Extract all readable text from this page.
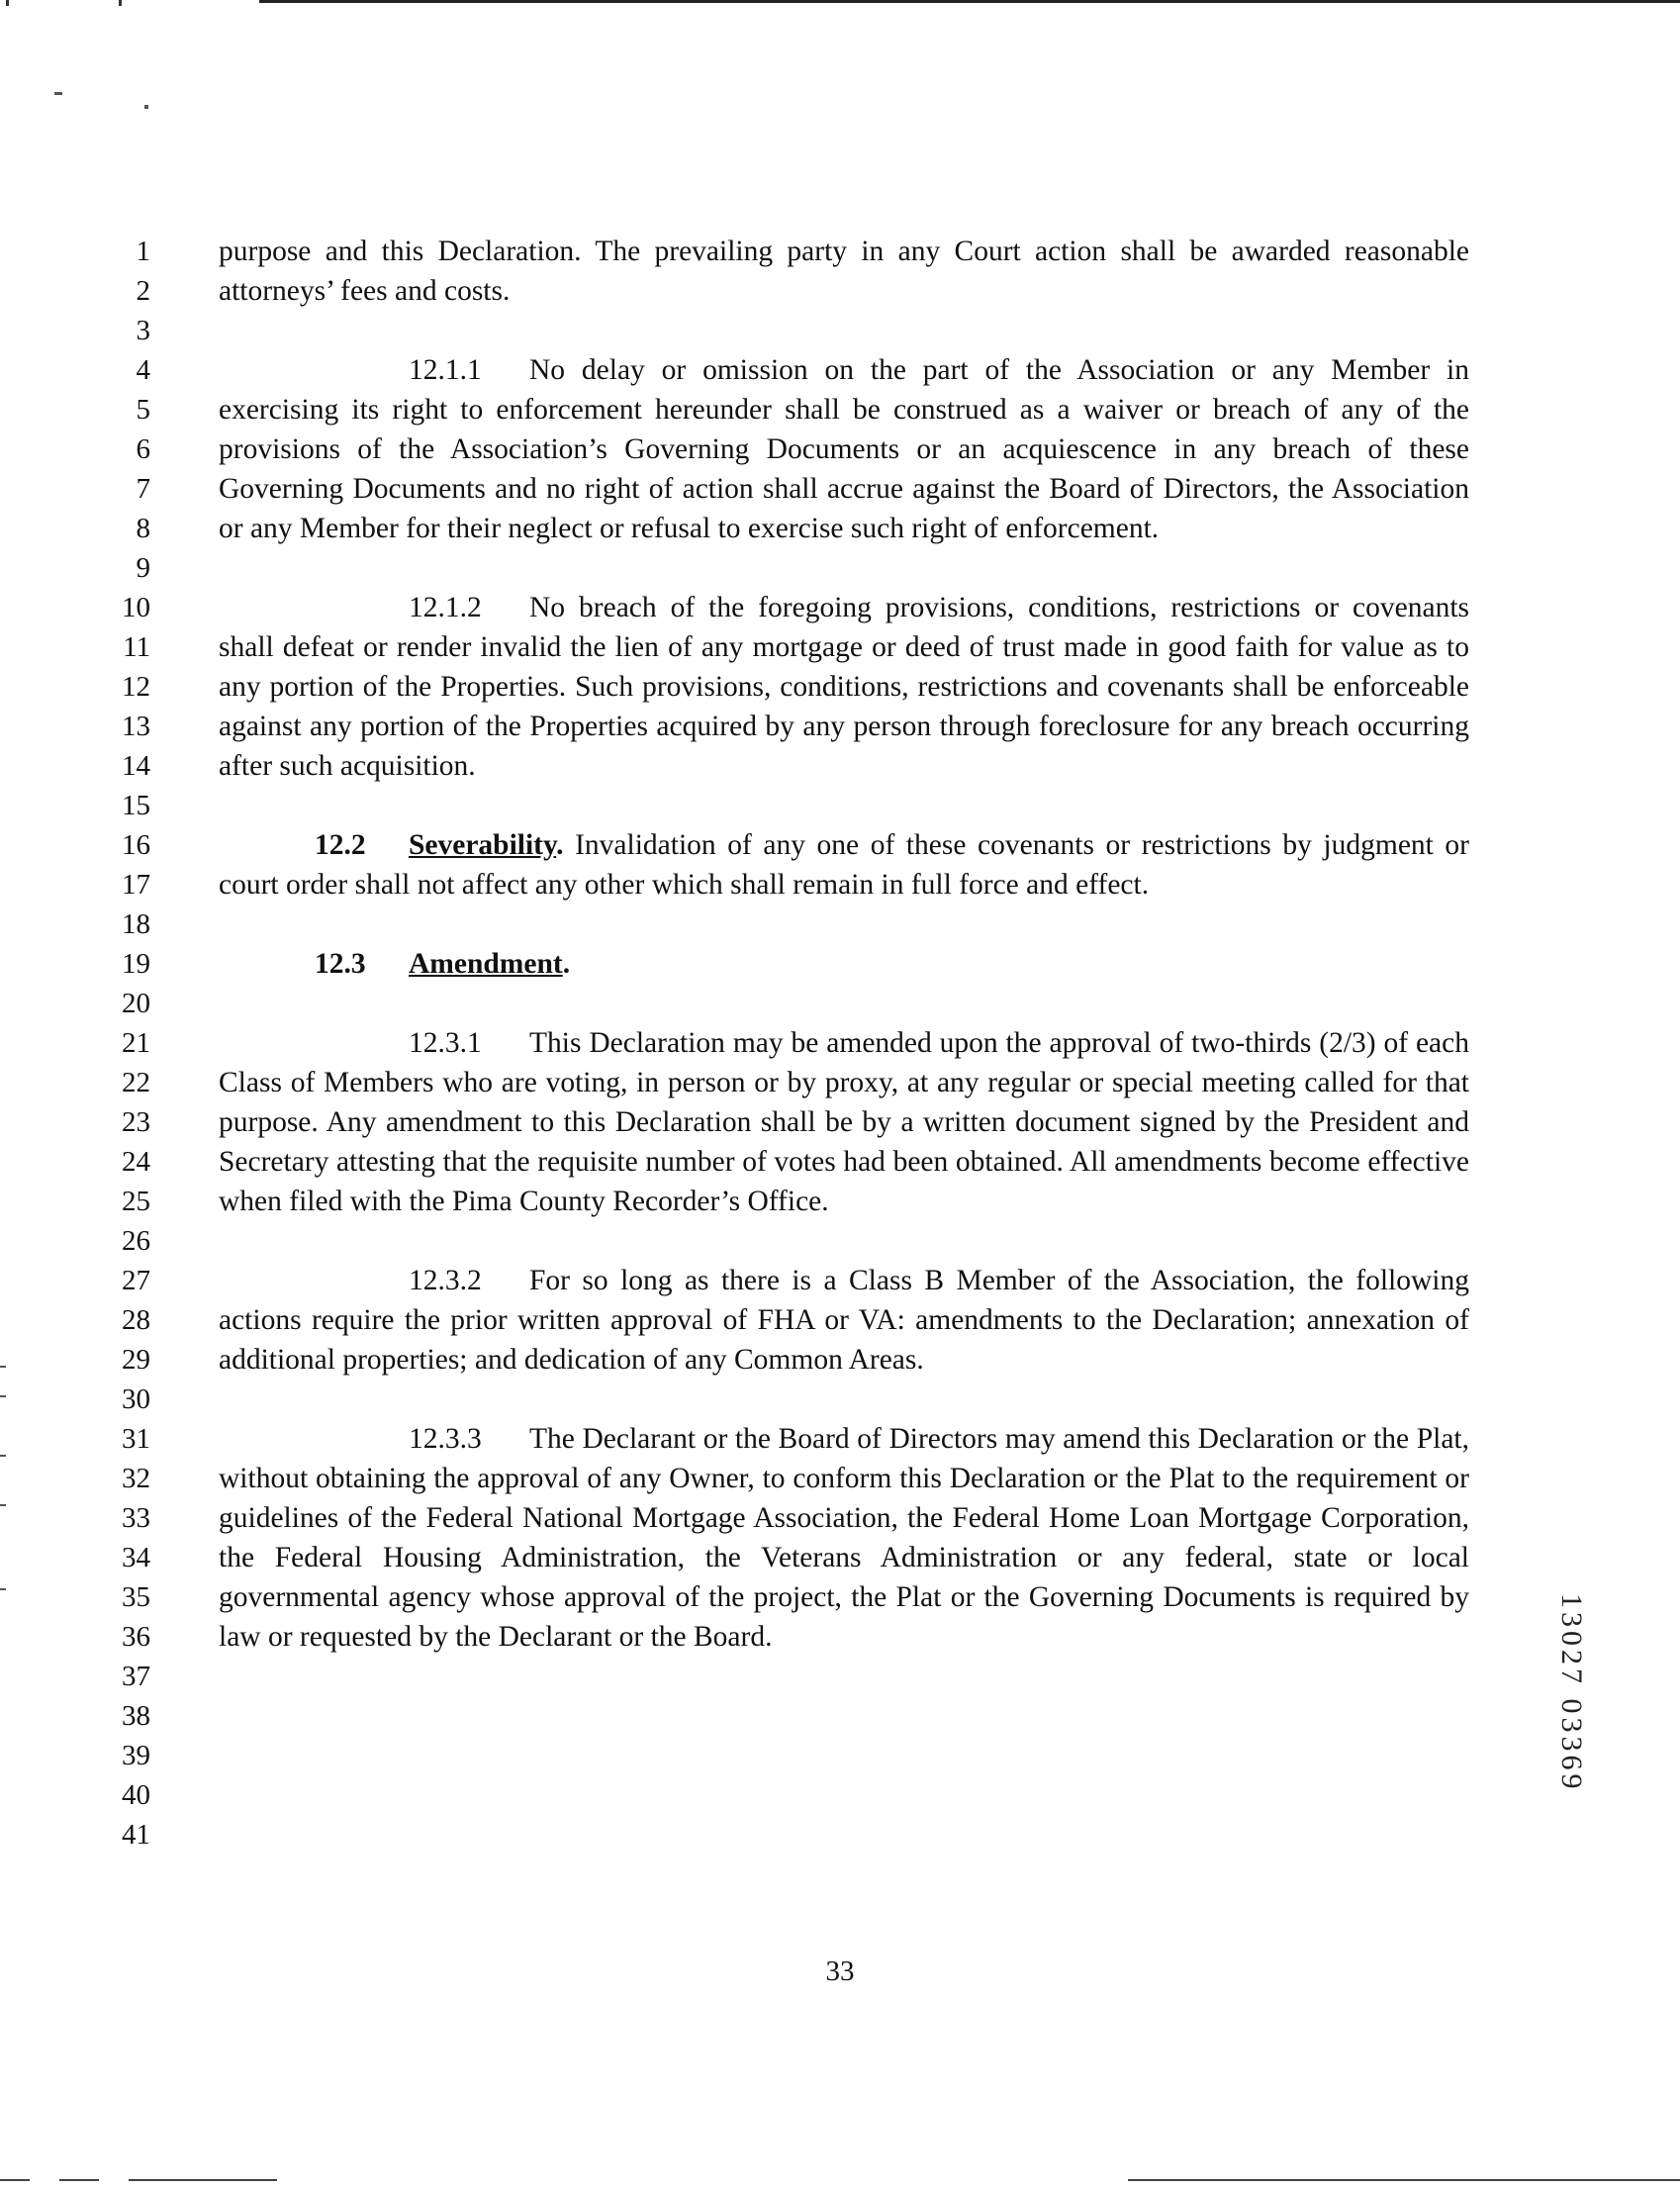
1
2
3
4
5
6
7
8
9
10
11
12
13
14
15
16
17
18
19
20
21
22
23
24
25
26
27
28
29
30
31
32
33
34
35
36
37
38
39
40
41

purpose and this Declaration. The prevailing party in any Court action shall be awarded reasonable attorneys’ fees and costs.

12.1.1 No delay or omission on the part of the Association or any Member in exercising its right to enforcement hereunder shall be construed as a waiver or breach of any of the provisions of the Association’s Governing Documents or an acquiescence in any breach of these Governing Documents and no right of action shall accrue against the Board of Directors, the Association or any Member for their neglect or refusal to exercise such right of enforcement.

12.1.2 No breach of the foregoing provisions, conditions, restrictions or covenants shall defeat or render invalid the lien of any mortgage or deed of trust made in good faith for value as to any portion of the Properties. Such provisions, conditions, restrictions and covenants shall be enforceable against any portion of the Properties acquired by any person through foreclosure for any breach occurring after such acquisition.

12.2 Severability. Invalidation of any one of these covenants or restrictions by judgment or court order shall not affect any other which shall remain in full force and effect.

12.3 Amendment.

12.3.1 This Declaration may be amended upon the approval of two-thirds (2/3) of each Class of Members who are voting, in person or by proxy, at any regular or special meeting called for that purpose. Any amendment to this Declaration shall be by a written document signed by the President and Secretary attesting that the requisite number of votes had been obtained. All amendments become effective when filed with the Pima County Recorder’s Office.

12.3.2 For so long as there is a Class B Member of the Association, the following actions require the prior written approval of FHA or VA: amendments to the Declaration; annexation of additional properties; and dedication of any Common Areas.

12.3.3 The Declarant or the Board of Directors may amend this Declaration or the Plat, without obtaining the approval of any Owner, to conform this Declaration or the Plat to the requirement or guidelines of the Federal National Mortgage Association, the Federal Home Loan Mortgage Corporation, the Federal Housing Administration, the Veterans Administration or any federal, state or local governmental agency whose approval of the project, the Plat or the Governing Documents is required by law or requested by the Declarant or the Board.

33
13027 03369
